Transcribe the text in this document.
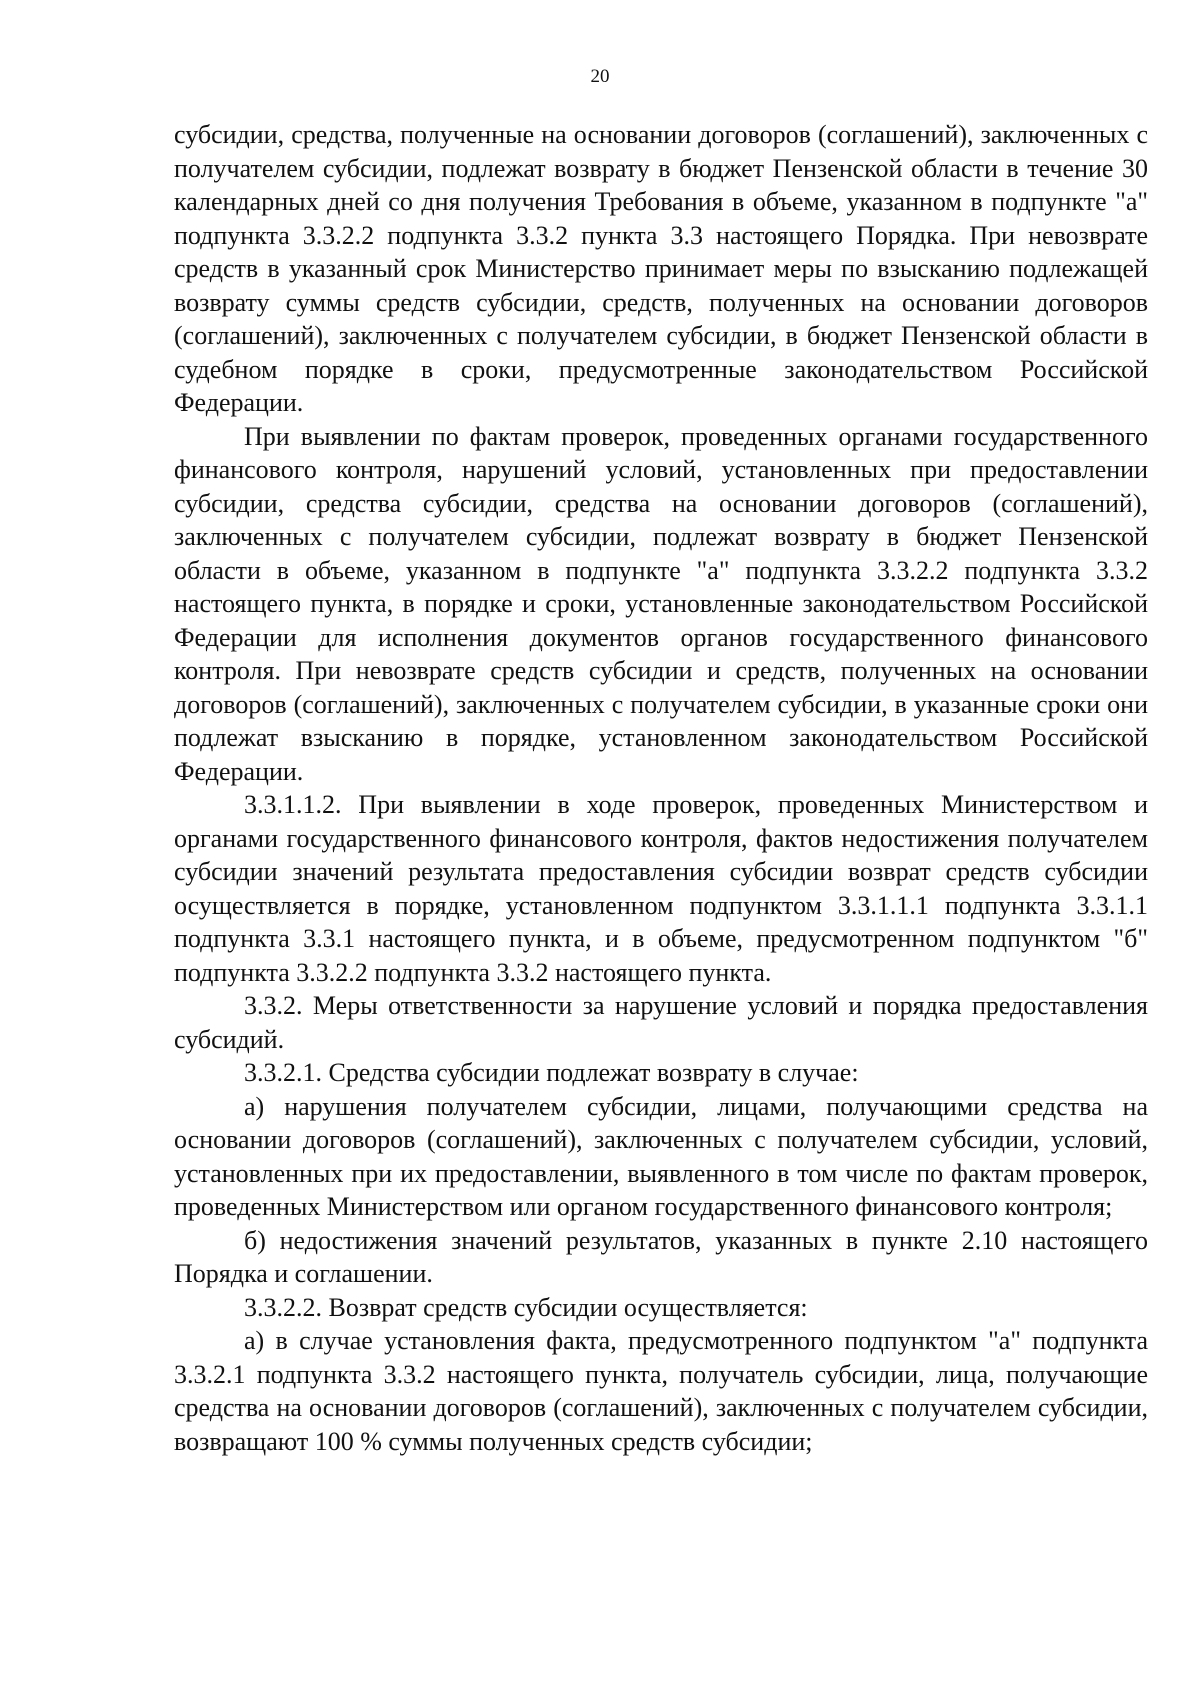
20

субсидии, средства, полученные на основании договоров (соглашений), заключенных с получателем субсидии, подлежат возврату в бюджет Пензенской области в течение 30 календарных дней со дня получения Требования в объеме, указанном в подпункте "а" подпункта 3.3.2.2 подпункта 3.3.2 пункта 3.3 настоящего Порядка. При невозврате средств в указанный срок Министерство принимает меры по взысканию подлежащей возврату суммы средств субсидии, средств, полученных на основании договоров (соглашений), заключенных с получателем субсидии, в бюджет Пензенской области в судебном порядке в сроки, предусмотренные законодательством Российской Федерации.

При выявлении по фактам проверок, проведенных органами государственного финансового контроля, нарушений условий, установленных при предоставлении субсидии, средства субсидии, средства на основании договоров (соглашений), заключенных с получателем субсидии, подлежат возврату в бюджет Пензенской области в объеме, указанном в подпункте "а" подпункта 3.3.2.2 подпункта 3.3.2 настоящего пункта, в порядке и сроки, установленные законодательством Российской Федерации для исполнения документов органов государственного финансового контроля. При невозврате средств субсидии и средств, полученных на основании договоров (соглашений), заключенных с получателем субсидии, в указанные сроки они подлежат взысканию в порядке, установленном законодательством Российской Федерации.

3.3.1.1.2. При выявлении в ходе проверок, проведенных Министерством и органами государственного финансового контроля, фактов недостижения получателем субсидии значений результата предоставления субсидии возврат средств субсидии осуществляется в порядке, установленном подпунктом 3.3.1.1.1 подпункта 3.3.1.1 подпункта 3.3.1 настоящего пункта, и в объеме, предусмотренном подпунктом "б" подпункта 3.3.2.2 подпункта 3.3.2 настоящего пункта.

3.3.2. Меры ответственности за нарушение условий и порядка предоставления субсидий.

3.3.2.1. Средства субсидии подлежат возврату в случае:

а) нарушения получателем субсидии, лицами, получающими средства на основании договоров (соглашений), заключенных с получателем субсидии, условий, установленных при их предоставлении, выявленного в том числе по фактам проверок, проведенных Министерством или органом государственного финансового контроля;

б) недостижения значений результатов, указанных в пункте 2.10 настоящего Порядка и соглашении.

3.3.2.2. Возврат средств субсидии осуществляется:

а) в случае установления факта, предусмотренного подпунктом "а" подпункта 3.3.2.1 подпункта 3.3.2 настоящего пункта, получатель субсидии, лица, получающие средства на основании договоров (соглашений), заключенных с получателем субсидии, возвращают 100 % суммы полученных средств субсидии;
